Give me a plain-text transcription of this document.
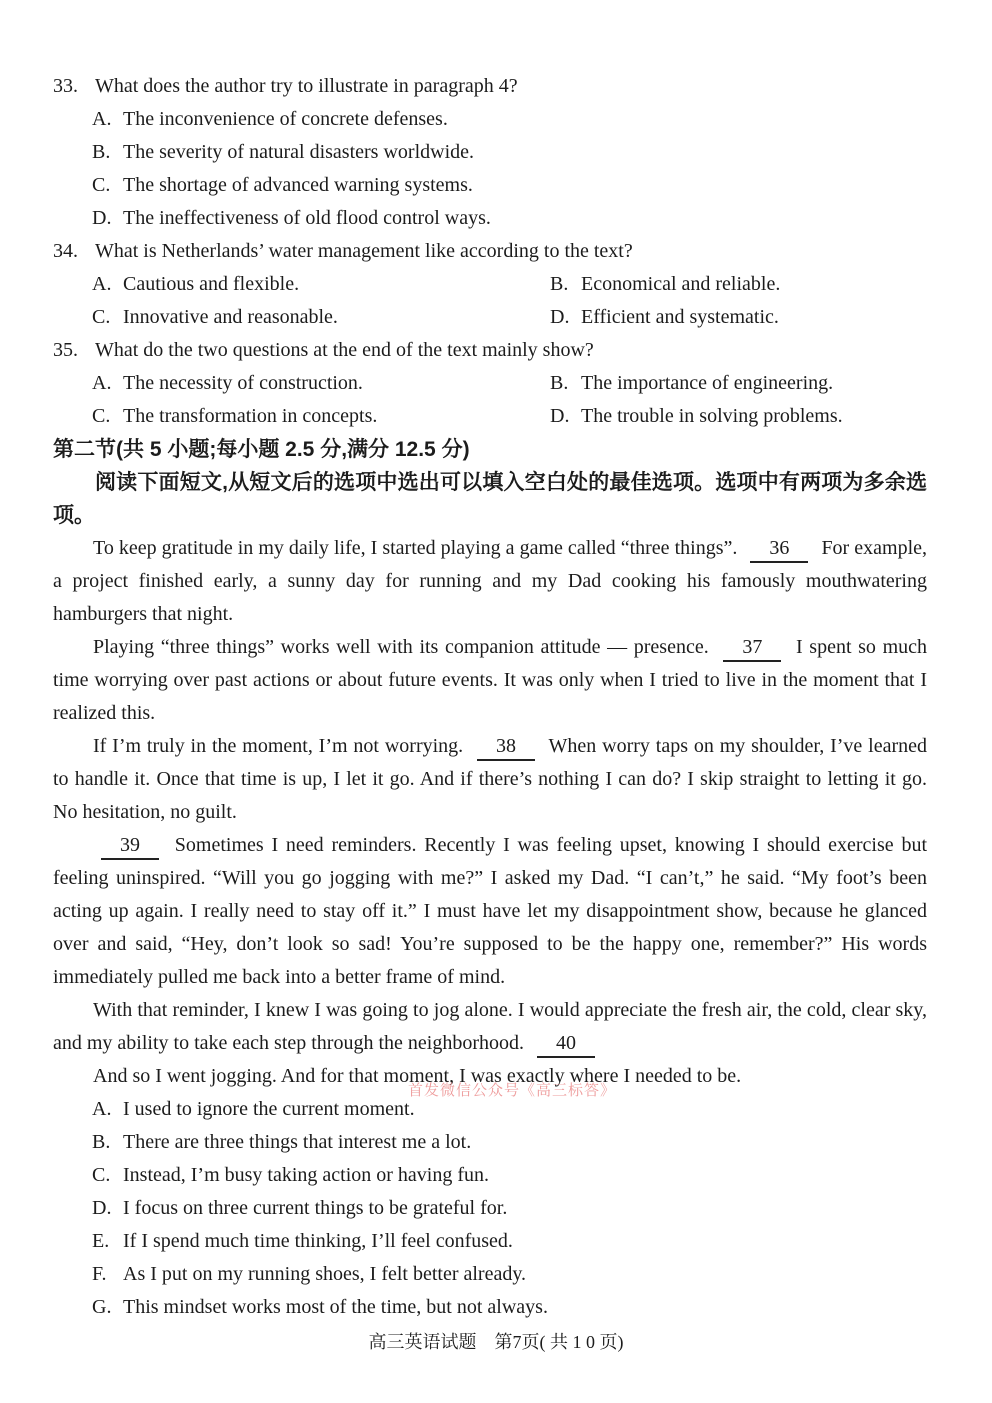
33. What does the author try to illustrate in paragraph 4?
A. The inconvenience of concrete defenses.
B. The severity of natural disasters worldwide.
C. The shortage of advanced warning systems.
D. The ineffectiveness of old flood control ways.
34. What is Netherlands’ water management like according to the text?
A. Cautious and flexible.	B. Economical and reliable.
C. Innovative and reasonable.	D. Efficient and systematic.
35. What do the two questions at the end of the text mainly show?
A. The necessity of construction.	B. The importance of engineering.
C. The transformation in concepts.	D. The trouble in solving problems.
第二节(共 5 小题;每小题 2.5 分,满分 12.5 分)
阅读下面短文,从短文后的选项中选出可以填入空白处的最佳选项。选项中有两项为多余选项。

To keep gratitude in my daily life, I started playing a game called “three things”. 36 For example, a project finished early, a sunny day for running and my Dad cooking his famously mouthwatering hamburgers that night.

Playing “three things” works well with its companion attitude — presence. 37 I spent so much time worrying over past actions or about future events. It was only when I tried to live in the moment that I realized this.

If I’m truly in the moment, I’m not worrying. 38 When worry taps on my shoulder, I’ve learned to handle it. Once that time is up, I let it go. And if there’s nothing I can do? I skip straight to letting it go. No hesitation, no guilt.

39 Sometimes I need reminders. Recently I was feeling upset, knowing I should exercise but feeling uninspired. “Will you go jogging with me?” I asked my Dad. “I can’t,” he said. “My foot’s been acting up again. I really need to stay off it.” I must have let my disappointment show, because he glanced over and said, “Hey, don’t look so sad! You’re supposed to be the happy one, remember?” His words immediately pulled me back into a better frame of mind.

With that reminder, I knew I was going to jog alone. I would appreciate the fresh air, the cold, clear sky, and my ability to take each step through the neighborhood. 40

And so I went jogging. And for that moment, I was exactly where I needed to be.

A. I used to ignore the current moment.
B. There are three things that interest me a lot.
C. Instead, I’m busy taking action or having fun.
D. I focus on three current things to be grateful for.
E. If I spend much time thinking, I’ll feel confused.
F. As I put on my running shoes, I felt better already.
G. This mindset works most of the time, but not always.
首发微信公众号《高三标答》
高三英语试题　第7页( 共 1 0 页)
